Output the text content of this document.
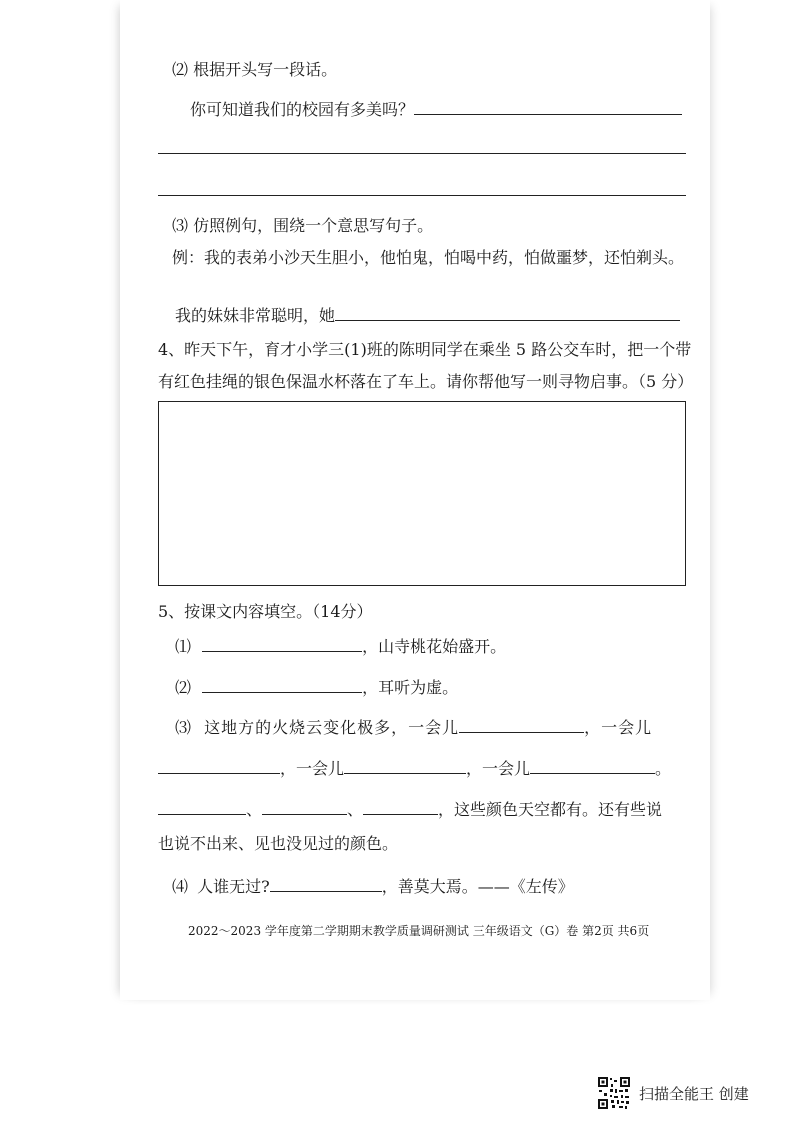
⑵ 根据开头写一段话。
你可知道我们的校园有多美吗？
⑶ 仿照例句，围绕一个意思写句子。
例：我的表弟小沙天生胆小，他怕鬼，怕喝中药，怕做噩梦，还怕剃头。
我的妹妹非常聪明，她
4、昨天下午，育才小学三(1)班的陈明同学在乘坐 5 路公交车时，把一个带
有红色挂绳的银色保温水杯落在了车上。请你帮他写一则寻物启事。（5 分）
5、按课文内容填空。（14分）
⑴	，山寺桃花始盛开。
⑵	，耳听为虚。
⑶ 这地方的火烧云变化极多，一会儿	，一会儿
，一会儿	，一会儿	。
、	、	，这些颜色天空都有。还有些说
也说不出来、见也没见过的颜色。
⑷ 人谁无过?	，善莫大焉。——《左传》
2022～2023 学年度第二学期期末教学质量调研测试 三年级语文（G）卷 第2页 共6页
扫描全能王 创建
